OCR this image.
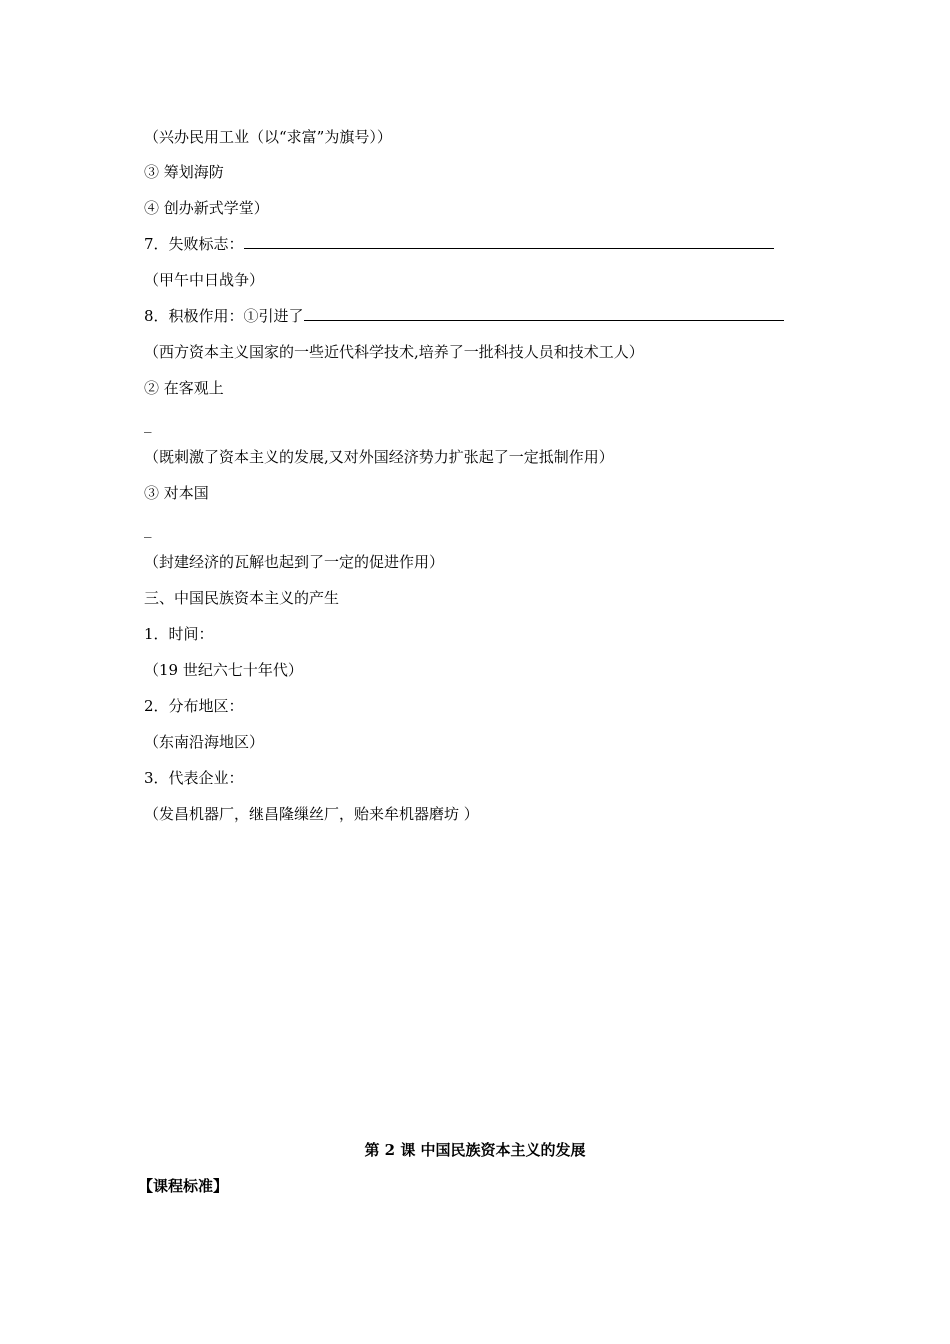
（兴办民用工业（以“求富”为旗号））
③ 筹划海防
④ 创办新式学堂）
7．失败标志：
（甲午中日战争）
8．积极作用：①引进了
（西方资本主义国家的一些近代科学技术,培养了一批科技人员和技术工人）
② 在客观上
_
（既刺激了资本主义的发展,又对外国经济势力扩张起了一定抵制作用）
③ 对本国
_
（封建经济的瓦解也起到了一定的促进作用）
三、中国民族资本主义的产生
1．时间：
（19 世纪六七十年代）
2．分布地区：
（东南沿海地区）
3．代表企业：
（发昌机器厂，继昌隆缫丝厂，贻来牟机器磨坊 ）
第 2 课 中国民族资本主义的发展
【课程标准】
